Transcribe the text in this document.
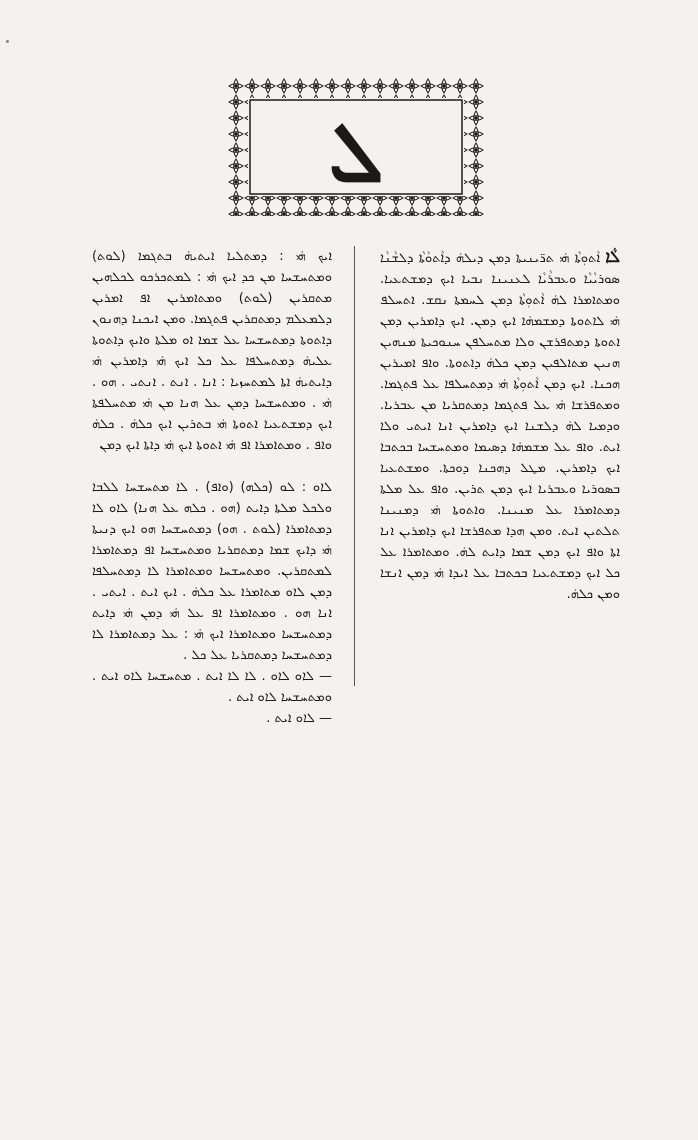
ܠ
ܠܵܐ ܐܵܬܘܼܬܵܐ ܗ̇ܝ ܬܪ̈ܝܢܝܬܐ ܕܡܢ ܕܝܠܗ̇ ܕܐܵܬܘܵܬܵܐ ܕܠܫܵܢܵܐ ܣܘܪܝܵܝܵܐ ܘܥܒܪܵܝܵܐ ܠܥܢܝܢܐ ܢܒܝܐ ܐܝܟ ܕܡܫܬܥܝܐ. ܘܡܬܐܡܪܐ ܠܗ̇ ܐܵܬܘܼܬܵܐ ܕܡܢ ܠܚܡܬܐ ܢܩܫ. ܐܬܚܠܦ ܗ̇ܝ ܠܐܬܘܬܐ ܕܡܫܡܗ̇ܐ ܐܝܟ ܕܡܢ. ܐܝܟ ܕܐܡܪܝܢ ܕܡܢ ܐܬܘܬܐ ܕܡܬܦܪܫܢ ܘܠܐ ܡܬܚܠܦܢ ܚܢܘܟܝܬܐ ܡܢܗܝܢ ܗܢܝܢ ܡܬܐܠܦܝܢ ܕܡܢ ܟܠܗ̇ ܕܐܬܘܬܐ. ܘܐܦ ܐܡܝܪܝܢ ܗܟܢܐ. ܐܝܟ ܕܡܢ ܐܵܬܘܼܬܵܐ ܗ̇ܝ ܕܡܬܚܠܦܐ ܥܠ ܦܬܓܡܐ. ܘܡܬܦܪܫܐ ܗ̇ܝ ܥܠ ܦܬܓܡܐ ܕܡܬܩܪܝܐ ܡܢ ܥܒܪܝܐ. ܘܕܡܝܐ ܠܗ̇ ܕܠܫܢܐ ܐܝܟ ܕܐܡܪܝܢ ܐܢܐ ܐܝܬܝ ܘܠܐ ܐܝܬ. ܘܐܦ ܥܠ ܡܫܡܗ̇ܐ ܕܣܝܡܐ ܘܡܬܚܫܚܐ ܒܟܬܒܐ ܐܝܟ ܕܐܡܪܝܢ. ܡܛܠ ܕܗܟܢܐ ܕܘܟܬܐ. ܘܡܫܬܥܝܐ ܒܣܘܪܝܐ ܘܥܒܪܝܐ ܐܝܟ ܕܡܢ ܬܪܝܢ. ܘܐܦ ܥܠ ܡܠܬܐ ܕܡܬܐܡܪܐ ܥܠ ܡܢܝܢܐ. ܘܐܬܘܬܐ ܗ̇ܝ ܕܡܢܝܢܐ ܬܠܬܝܢ ܐܝܬ. ܘܡܢ ܗܕܐ ܡܬܦܪܫܐ ܐܝܟ ܕܐܡܪܝܢ ܐܢܐ ܐܬܐ ܘܐܦ ܐܝܟ ܕܡܢ ܫܡܐ ܕܐܝܬ ܠܗ̇. ܘܡܬܐܡܪܐ ܥܠ ܟܠ ܐܝܟ ܕܡܫܬܥܝܐ ܒܟܬܒܐ ܥܠ ܐܝܕܐ ܗ̇ܝ ܕܡܢ ܐܢܫܐ ܘܡܢ ܟܠܗ̇.
ܐܝܟ ܗ̇ܝ : ܕܡܬܠܝܐ ܐܝܬܝܗ̇ ܒܬܓܡܐ (ܠܘܬ) ܘܡܬܚܫܚܐ ܡܢ ܟܕ ܐܝܟ ܗ̇ܝ : ܠܡܬܟܪܟܘ ܠܟܠܗܝܢ ܡܬܩܪܝܢ (ܠܘܬ) ܘܡܬܐܡܪܝܢ ܐܦ ܐܡܪܝܢ ܕܠܡܥܠܡ ܕܡܬܩܪܝܢ ܦܬܓܡܐ. ܘܡܢ ܐܝܟܢܐ ܕܗܢܘܢ ܕܐܬܘܬܐ ܕܡܬܚܫܚܐ ܥܠ ܫܡܐ ܐܘ ܡܠܬܐ ܘܐܝܟ ܕܐܬܘܬܐ ܥܠܝܗ̇ ܕܡܬܚܠܦܐ ܥܠ ܟܠ ܐܝܟ ܗ̇ܝ ܕܐܡܪܝܢ ܗ̇ܝ ܕܐܝܬܝܗ̇ ܐܬܐ ܠܡܬܚܙܝܐ : ܐܢܐ . ܐܢܬ . ܐܢܬܝ . ܗܘ . ܗ̇ܝ . ܘܡܬܚܫܚܐ ܕܡܢ ܥܠ ܗܢܐ ܡܢ ܗ̇ܝ ܡܬܚܠܦܬܐ ܐܝܟ ܕܡܫܬܥܝܐ ܐܬܘܬܐ ܗ̇ܝ ܒܬܪܝܢ ܐܝܟ ܟܠܗ̇ . ܟܠܗ̇ ܘܐܦ . ܘܡܬܐܡܪܐ ܐܦ ܗ̇ܝ ܐܬܘܬܐ ܐܝܟ ܗ̇ܝ ܕܐܬܐ ܐܝܟ ܕܡܢ

ܠܐܘ : ܠܘ (ܟܠܗ) (ܘܐܦ) . ܠܐ ܡܬܚܫܚܐ ܠܠܒܐ ܘܠܟܠ ܡܠܬܐ ܕܐܝܬ (ܗܘ . ܟܠܗ ܥܠ ܗܢܐ) ܠܐܘ ܠܐ ܕܡܬܐܡܪܐ (ܠܘܬ . ܗܘ) ܕܡܬܚܫܚܐ ܗܘ ܐܝܟ ܕܢܝܬܐ ܗ̇ܝ ܕܐܝܟ ܫܡܐ ܕܡܬܩܪܝܐ ܘܡܬܚܫܚܐ ܐܦ ܕܡܬܐܡܪܐ ܠܡܬܩܪܝܢ. ܘܡܬܚܫܚܐ ܘܡܬܐܡܪܐ ܠܐ ܕܡܬܚܠܦܐ ܕܡܢ ܠܐܘ ܡܬܐܡܪܐ ܥܠ ܟܠܗ̇ . ܐܝܟ ܐܝܬ . ܐܝܬܝ . ܐܢܐ ܗܘ . ܘܡܬܐܡܪܐ ܐܦ ܥܠ ܗ̇ܝ ܕܡܢ ܗ̇ܝ ܕܐܝܬ ܕܡܬܚܫܚܐ ܘܡܬܐܡܪܐ ܐܝܟ ܗ̇ܝ : ܥܠ ܕܡܬܐܡܪܐ ܠܐ ܕܡܬܚܫܚܐ ܕܡܬܩܪܝܐ ܥܠ ܟܠ .
— ܠܐܘ ܠܐܘ . ܠܐ ܠܐ ܐܝܬ . ܡܬܚܫܚܐ ܠܐܘ ܐܝܬ . ܘܡܬܚܫܚܐ ܠܐܘ ܐܝܬ .
— ܠܐܘ ܐܝܬ .
